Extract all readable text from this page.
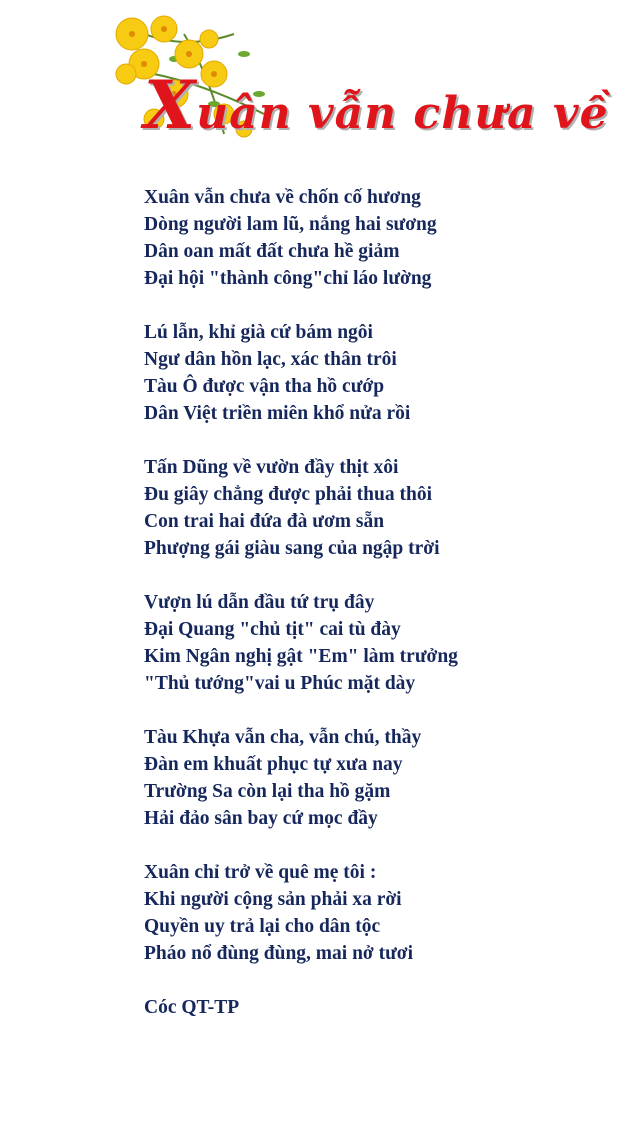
Xuân vẫn chưa về
Xuân vẫn chưa về chốn cố hương
Dòng người lam lũ, nắng hai sương
Dân oan mất đất chưa hề giảm
Đại hội "thành công"chỉ láo lường
Lú lẫn, khỉ già cứ bám ngôi
Ngư dân hồn lạc, xác thân trôi
Tàu Ô được vận tha hồ cướp
Dân Việt triền miên khổ nửa rồi
Tấn Dũng về vườn đầy thịt xôi
Đu giây chẳng được phải thua thôi
Con trai hai đứa đà ươm sẵn
Phượng gái giàu sang của ngập trời
Vượn lú dẫn đầu tứ trụ đây
Đại Quang "chủ tịt" cai tù đày
Kim Ngân nghị gật "Em" làm trưởng
"Thủ tướng"vai u Phúc mặt dày
Tàu Khựa vẫn cha, vẫn chú, thầy
Đàn em khuất phục tự xưa nay
Trường Sa còn lại tha hồ gặm
Hải đảo sân bay cứ mọc đầy
Xuân chỉ trở về quê mẹ tôi :
Khi người cộng sản phải xa rời
Quyền uy trả lại cho dân tộc
Pháo nổ đùng đùng, mai nở tươi
Cóc QT-TP
